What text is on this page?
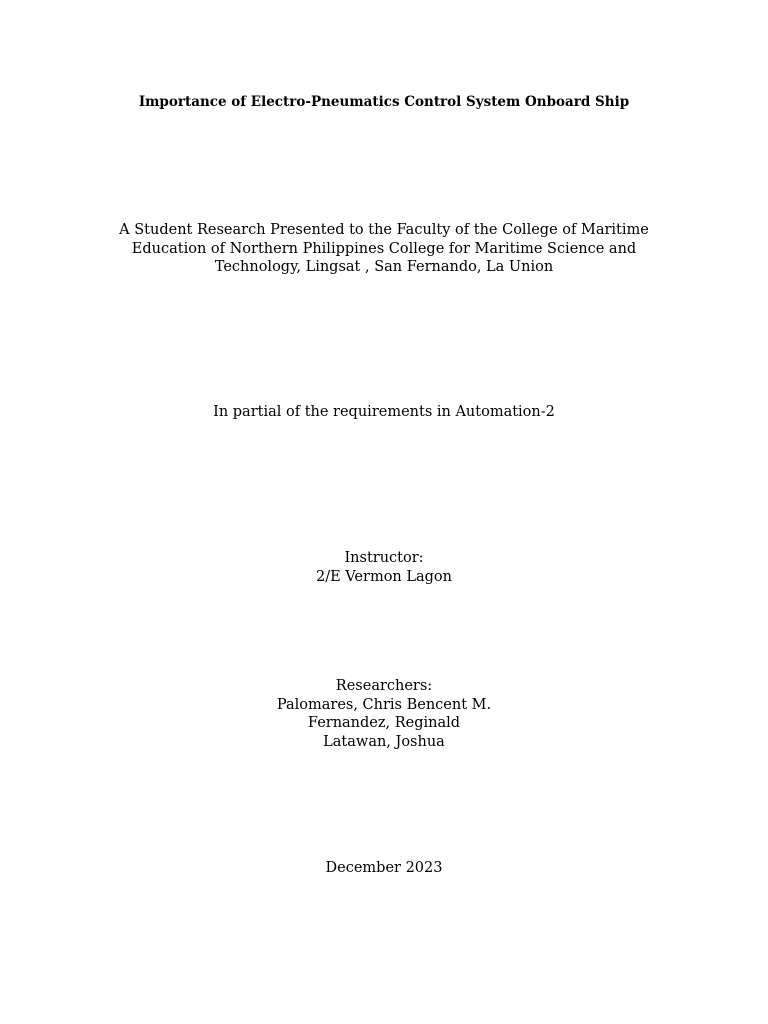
Importance of Electro-Pneumatics Control System Onboard Ship
A Student Research Presented to the Faculty of the College of Maritime
Education of Northern Philippines College for Maritime Science and
Technology, Lingsat , San Fernando, La Union
In partial of the requirements in Automation-2
Instructor:
2/E Vermon Lagon
Researchers:
Palomares, Chris Bencent M.
Fernandez, Reginald
Latawan, Joshua
December 2023
